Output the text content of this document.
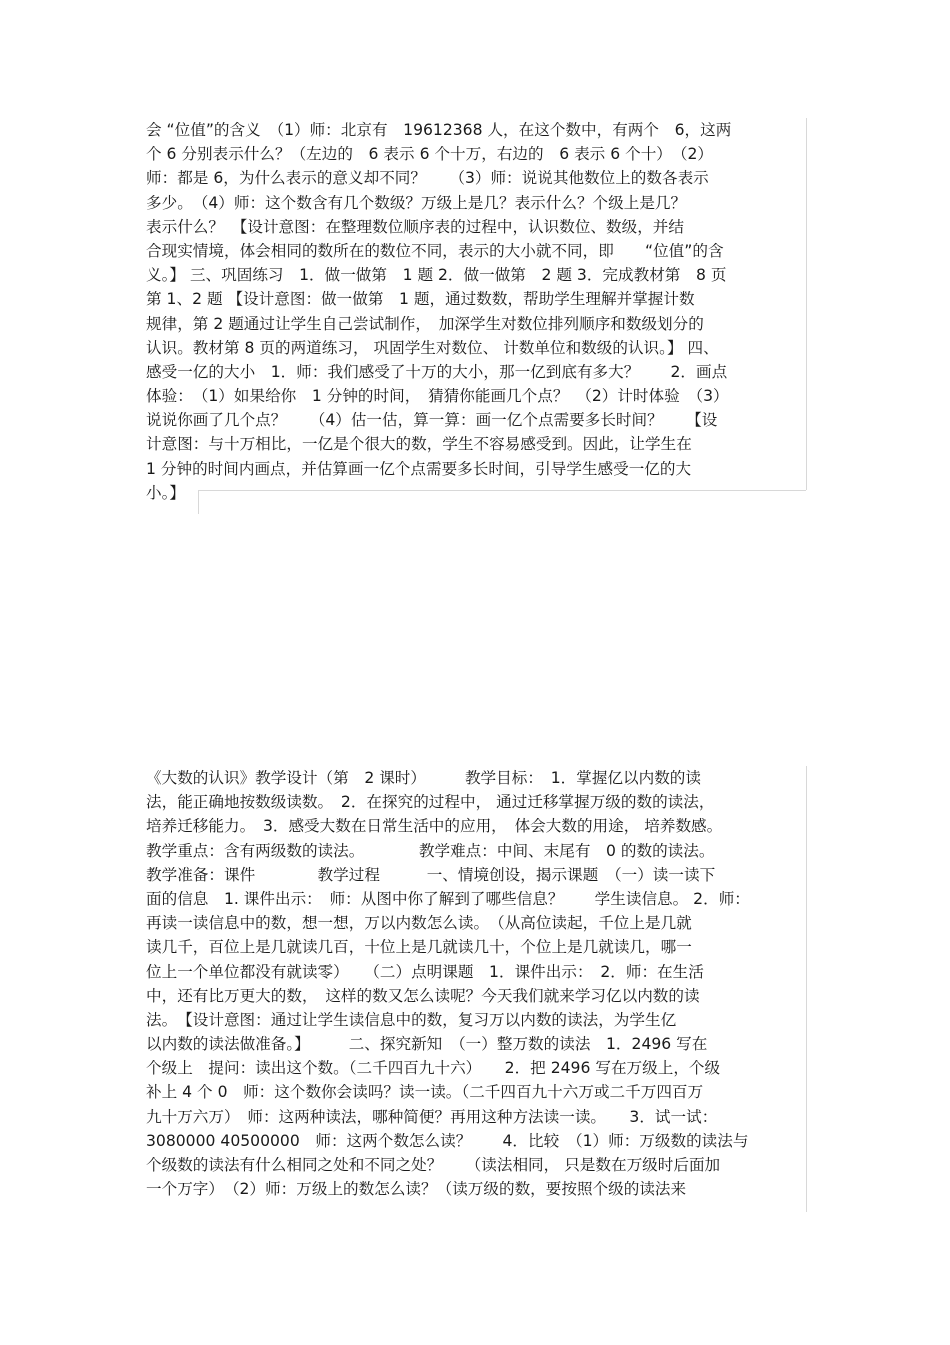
会 “位值”的含义　（1）师：北京有　19612368 人，在这个数中，有两个　6，这两
个 6 分别表示什么？（左边的　6 表示 6 个十万，右边的　6 表示 6 个十）　（2）
师：都是 6，为什么表示的意义却不同？　　（3）师：说说其他数位上的数各表示
多少。　（4）师：这个数含有几个数级？万级上是几？表示什么？个级上是几？
表示什么？　【设计意图：在整理数位顺序表的过程中，认识数位、数级，并结
合现实情境，体会相同的数所在的数位不同，表示的大小就不同，即　　“位值”的含
义。】 三、巩固练习　1．做一做第　1 题 2．做一做第　2 题 3．完成教材第　8 页
第 1、2 题 【设计意图：做一做第　1 题，通过数数，帮助学生理解并掌握计数
规律，第 2 题通过让学生自己尝试制作，　加深学生对数位排列顺序和数级划分的
认识。教材第 8 页的两道练习， 巩固学生对数位、 计数单位和数级的认识。】 四、
感受一亿的大小　1．师：我们感受了十万的大小，那一亿到底有多大？　　2．画点
体验：　（1）如果给你　1 分钟的时间，　猜猜你能画几个点？　（2）计时体验　（3）
说说你画了几个点？　　（4）估一估，算一算：画一亿个点需要多长时间？　　【设
计意图：与十万相比，一亿是个很大的数，学生不容易感受到。因此，让学生在
1 分钟的时间内画点，并估算画一亿个点需要多长时间，引导学生感受一亿的大
小。】
《大数的认识》教学设计（第　2 课时）　　　教学目标：　1．掌握亿以内数的读
法，能正确地按数级读数。　2．在探究的过程中， 通过迁移掌握万级的数的读法，
培养迁移能力。　3．感受大数在日常生活中的应用，　体会大数的用途， 培养数感。
教学重点：含有两级数的读法。　　　　教学难点：中间、末尾有　0 的数的读法。
教学准备：课件　　　　教学过程　　　一、情境创设，揭示课题　（一）读一读下
面的信息　1. 课件出示：　师：从图中你了解到了哪些信息？　　学生读信息。 2．师：
再读一读信息中的数，想一想，万以内数怎么读。　（从高位读起，千位上是几就
读几千，百位上是几就读几百，十位上是几就读几十，个位上是几就读几，哪一
位上一个单位都没有就读零）　　（二）点明课题　1．课件出示：　2．师：在生活
中，还有比万更大的数，　这样的数又怎么读呢？今天我们就来学习亿以内数的读
法。　【设计意图：通过让学生读信息中的数，复习万以内数的读法，为学生亿
以内数的读法做准备。】　　　二、探究新知　（一）整万数的读法　1．2496 写在
个级上　提问：读出这个数。（二千四百九十六）　　2．把 2496 写在万级上，个级
补上 4 个 0　师：这个数你会读吗？读一读。（二千四百九十六万或二千万四百万
九十万六万）　师：这两种读法，哪种简便？再用这种方法读一读。　　3．试一试：
3080000 40500000　师：这两个数怎么读？　　4．比较　（1）师：万级数的读法与
个级数的读法有什么相同之处和不同之处？　　（读法相同， 只是数在万级时后面加
一个万字）　（2）师：万级上的数怎么读？（读万级的数，要按照个级的读法来
